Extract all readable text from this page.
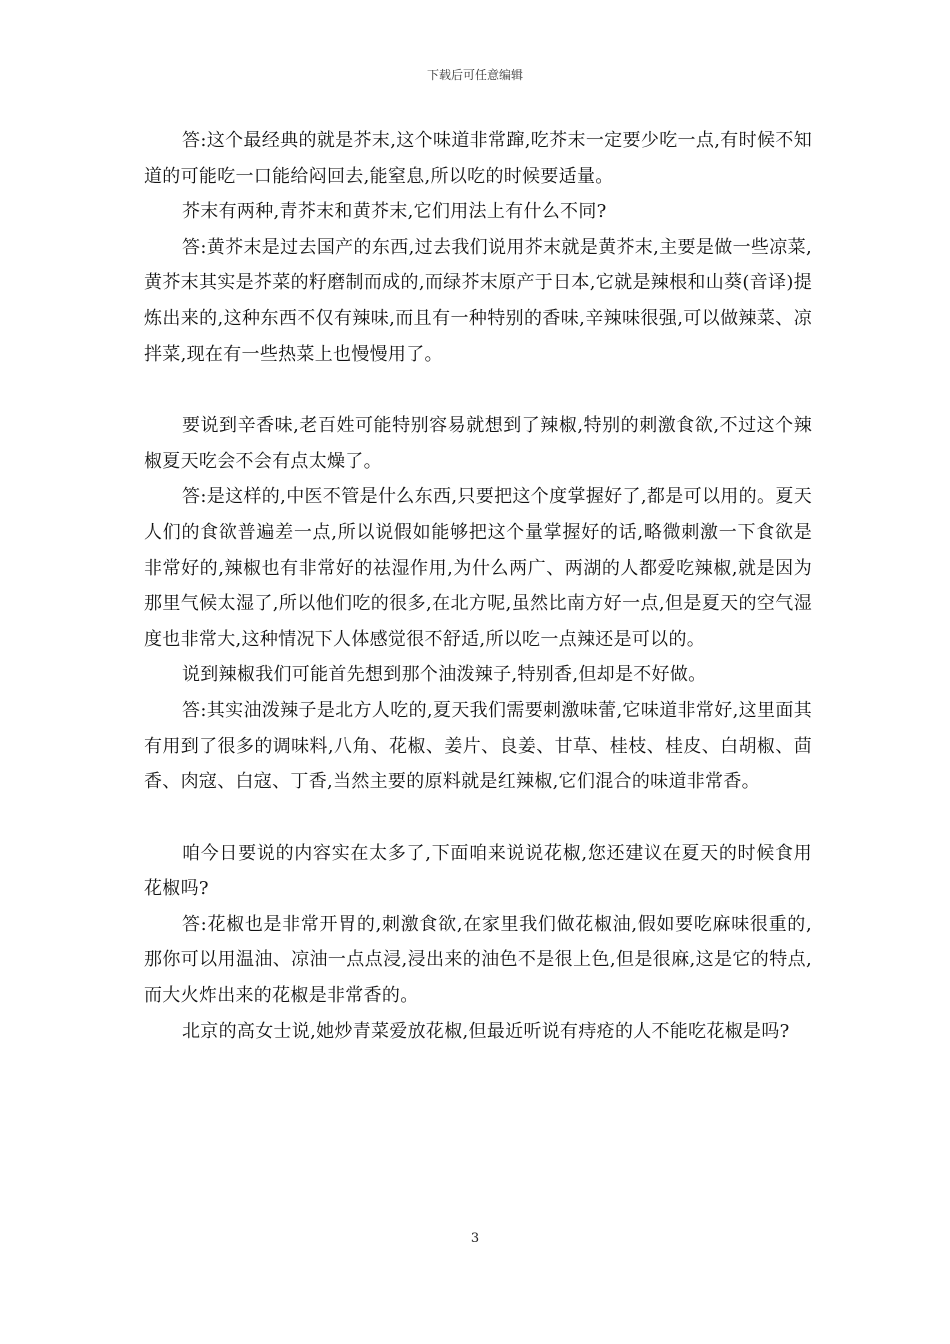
下载后可任意编辑

答:这个最经典的就是芥末,这个味道非常蹿,吃芥末一定要少吃一点,有时候不知道的可能吃一口能给闷回去,能窒息,所以吃的时候要适量。

芥末有两种,青芥末和黄芥末,它们用法上有什么不同?

答:黄芥末是过去国产的东西,过去我们说用芥末就是黄芥末,主要是做一些凉菜,黄芥末其实是芥菜的籽磨制而成的,而绿芥末原产于日本,它就是辣根和山葵(音译)提炼出来的,这种东西不仅有辣味,而且有一种特别的香味,辛辣味很强,可以做辣菜、凉拌菜,现在有一些热菜上也慢慢用了。

要说到辛香味,老百姓可能特别容易就想到了辣椒,特别的刺激食欲,不过这个辣椒夏天吃会不会有点太燥了。

答:是这样的,中医不管是什么东西,只要把这个度掌握好了,都是可以用的。夏天人们的食欲普遍差一点,所以说假如能够把这个量掌握好的话,略微刺激一下食欲是非常好的,辣椒也有非常好的祛湿作用,为什么两广、两湖的人都爱吃辣椒,就是因为那里气候太湿了,所以他们吃的很多,在北方呢,虽然比南方好一点,但是夏天的空气湿度也非常大,这种情况下人体感觉很不舒适,所以吃一点辣还是可以的。

说到辣椒我们可能首先想到那个油泼辣子,特别香,但却是不好做。

答:其实油泼辣子是北方人吃的,夏天我们需要刺激味蕾,它味道非常好,这里面其有用到了很多的调味料,八角、花椒、姜片、良姜、甘草、桂枝、桂皮、白胡椒、茴香、肉寇、白寇、丁香,当然主要的原料就是红辣椒,它们混合的味道非常香。

咱今日要说的内容实在太多了,下面咱来说说花椒,您还建议在夏天的时候食用花椒吗?

答:花椒也是非常开胃的,刺激食欲,在家里我们做花椒油,假如要吃麻味很重的,那你可以用温油、凉油一点点浸,浸出来的油色不是很上色,但是很麻,这是它的特点,而大火炸出来的花椒是非常香的。

北京的高女士说,她炒青菜爱放花椒,但最近听说有痔疮的人不能吃花椒是吗?

3
